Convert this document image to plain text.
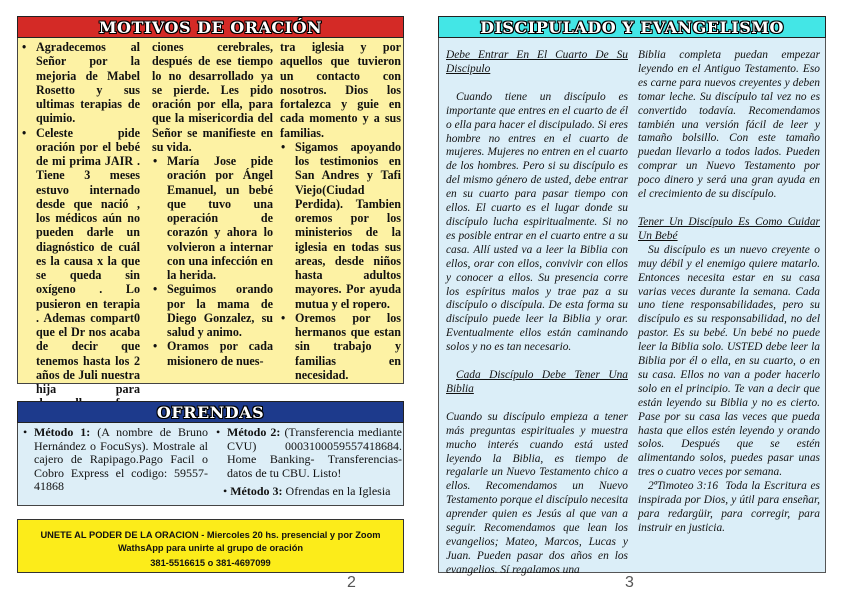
MOTIVOS DE ORACIÓN
• Agradecemos al Señor por la mejoria de Mabel Rosetto y sus ultimas terapias de quimio.
• Celeste pide oración por el bebé de mi prima JAIR . Tiene 3 meses estuvo internado desde que nació , los médicos aún no pueden darle un diagnóstico de cuál es la causa x la que se queda sin oxígeno . Lo pusieron en terapia . Ademas compart0 que el Dr nos acaba de decir que tenemos hasta los 2 años de Juli nuestra hija para
ciones cerebrales, después de ese tiempo lo no desarrollado ya se pierde. Les pido oración por ella, para que la misericordia del Señor se manifieste en su vida.
• María Jose pide oración por Ángel Emanuel, un bebé que tuvo una operación de corazón y ahora lo volvieron a internar con una infección en la herida.
• Seguimos orando por la mama de Diego Gonzalez, su salud y animo.
• Oramos por cada misionero de nues-
tra iglesia y por aquellos que tuvieron un contacto con nosotros. Dios los fortalezca y guie en cada momento y a sus familias.
• Sigamos apoyando los testimonios en San Andres y Tafi Viejo(Ciudad Perdida). Tambien oremos por los ministerios de la iglesia en todas sus areas, desde niños hasta adultos mayores. Por ayuda mutua y el ropero.
• Oremos por los hermanos que estan sin trabajo y familias en necesidad.
OFRENDAS
• Método 1: (A nombre de Bruno Hernández o FocuSys). Mostrale al cajero de Rapipago.Pago Facil o Cobro Express el codigo: 59557-41868
• Método 2: (Transferencia mediante CVU) 0003100059557418684. Home Banking- Transferencias- datos de tu CBU. Listo!
• Método 3: Ofrendas en la Iglesia
UNETE AL PODER DE LA ORACION - Miercoles 20 hs. presencial y por Zoom
WathsApp para unirte al grupo de oración
381-5516615 o 381-4697099
2
DISCIPULADO Y EVANGELISMO

Debe Entrar En El Cuarto De Su Discipulo

Cuando tiene un discípulo es importante que entres en el cuarto de él o ella para hacer el discipulado. Si eres hombre no entres en el cuarto de mujeres. Mujeres no entren en el cuarto de los hombres. Pero si su discípulo es del mismo género de usted, debe entrar en su cuarto para pasar tiempo con ellos. El cuarto es el lugar donde su discípulo lucha espiritualmente. Si no es posible entrar en el cuarto entre a su casa. Allí usted va a leer la Biblia con ellos, orar con ellos, convivir con ellos y conocer a ellos. Su presencia corre los espíritus malos y trae paz a su discípulo o discípula. De esta forma su discípulo puede leer la Biblia y orar. Eventualmente ellos están caminando solos y no es tan necesario.

Cada Discípulo Debe Tener Una Biblia

Cuando su discípulo empieza a tener más preguntas espirituales y muestra mucho interés cuando está usted leyendo la Biblia, es tiempo de regalarle un Nuevo Testamento chico a ellos. Recomendamos un Nuevo Testamento porque el discípulo necesita aprender quien es Jesús al que van a seguir. Recomendamos que lean los evangelios; Mateo, Marcos, Lucas y Juan. Pueden pasar dos años en los evangelios. Sí regalamos una

Biblia completa puedan empezar leyendo en el Antiguo Testamento. Eso es carne para nuevos creyentes y deben tomar leche. Su discípulo tal vez no es convertido todavía. Recomendamos también una versión fácil de leer y tamaño bolsillo. Con este tamaño puedan llevarlo a todos lados. Pueden comprar un Nuevo Testamento por poco dinero y será una gran ayuda en el crecimiento de su discípulo.

Tener Un Discípulo Es Como Cuidar Un Bebé

Su discípulo es un nuevo creyente o muy débil y el enemigo quiere matarlo. Entonces necesita estar en su casa varias veces durante la semana. Cada uno tiene responsabilidades, pero su discípulo es su responsabilidad, no del pastor. Es su bebé. Un bebé no puede leer la Biblia solo. USTED debe leer la Biblia por él o ella, en su cuarto, o en su casa. Ellos no van a poder hacerlo solo en el principio. Te van a decir que están leyendo su Biblia y no es cierto. Pase por su casa las veces que pueda hasta que ellos estén leyendo y orando solos. Después que se estén alimentando solos, puedes pasar unas tres o cuatro veces por semana.

2ªTimoteo 3:16 Toda la Escritura es inspirada por Dios, y útil para enseñar, para redargüir, para corregir, para instruir en justicia.

3
